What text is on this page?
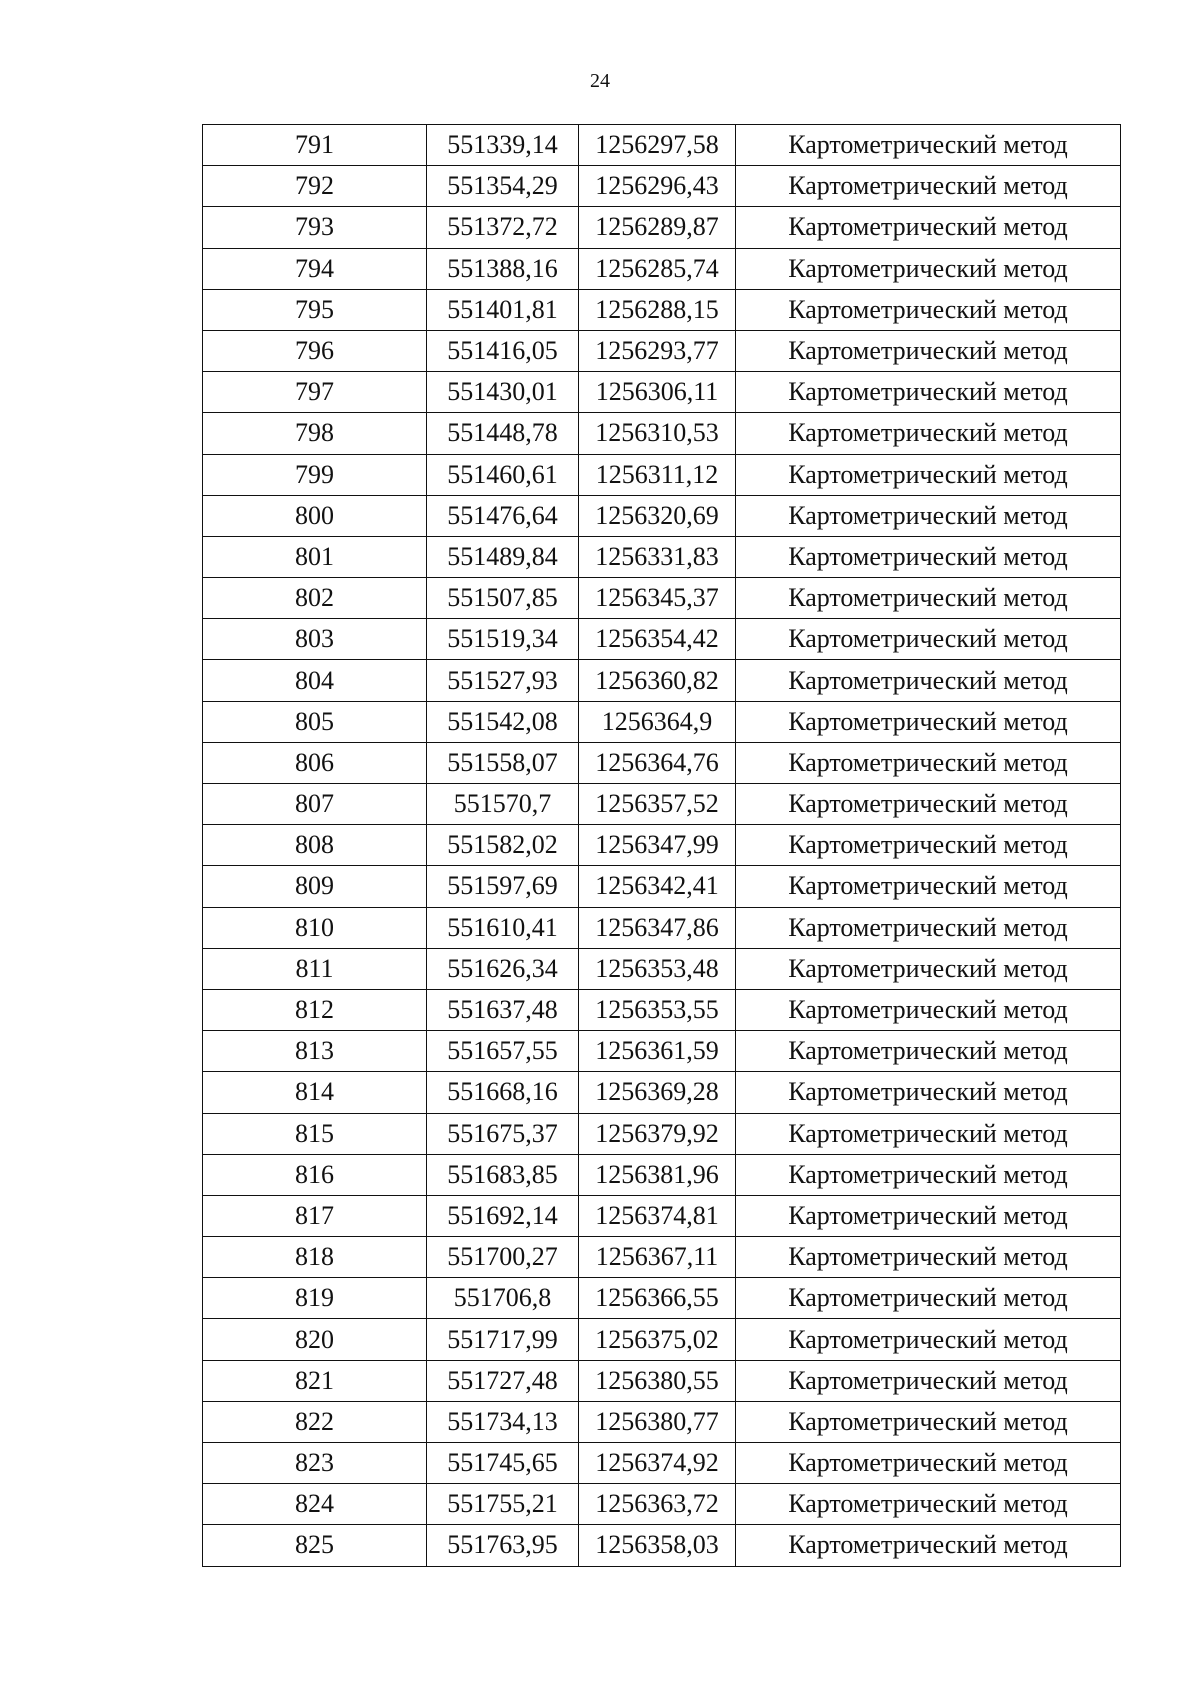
24
791	551339,14	1256297,58	Картометрический метод
792	551354,29	1256296,43	Картометрический метод
793	551372,72	1256289,87	Картометрический метод
794	551388,16	1256285,74	Картометрический метод
795	551401,81	1256288,15	Картометрический метод
796	551416,05	1256293,77	Картометрический метод
797	551430,01	1256306,11	Картометрический метод
798	551448,78	1256310,53	Картометрический метод
799	551460,61	1256311,12	Картометрический метод
800	551476,64	1256320,69	Картометрический метод
801	551489,84	1256331,83	Картометрический метод
802	551507,85	1256345,37	Картометрический метод
803	551519,34	1256354,42	Картометрический метод
804	551527,93	1256360,82	Картометрический метод
805	551542,08	1256364,9	Картометрический метод
806	551558,07	1256364,76	Картометрический метод
807	551570,7	1256357,52	Картометрический метод
808	551582,02	1256347,99	Картометрический метод
809	551597,69	1256342,41	Картометрический метод
810	551610,41	1256347,86	Картометрический метод
811	551626,34	1256353,48	Картометрический метод
812	551637,48	1256353,55	Картометрический метод
813	551657,55	1256361,59	Картометрический метод
814	551668,16	1256369,28	Картометрический метод
815	551675,37	1256379,92	Картометрический метод
816	551683,85	1256381,96	Картометрический метод
817	551692,14	1256374,81	Картометрический метод
818	551700,27	1256367,11	Картометрический метод
819	551706,8	1256366,55	Картометрический метод
820	551717,99	1256375,02	Картометрический метод
821	551727,48	1256380,55	Картометрический метод
822	551734,13	1256380,77	Картометрический метод
823	551745,65	1256374,92	Картометрический метод
824	551755,21	1256363,72	Картометрический метод
825	551763,95	1256358,03	Картометрический метод
